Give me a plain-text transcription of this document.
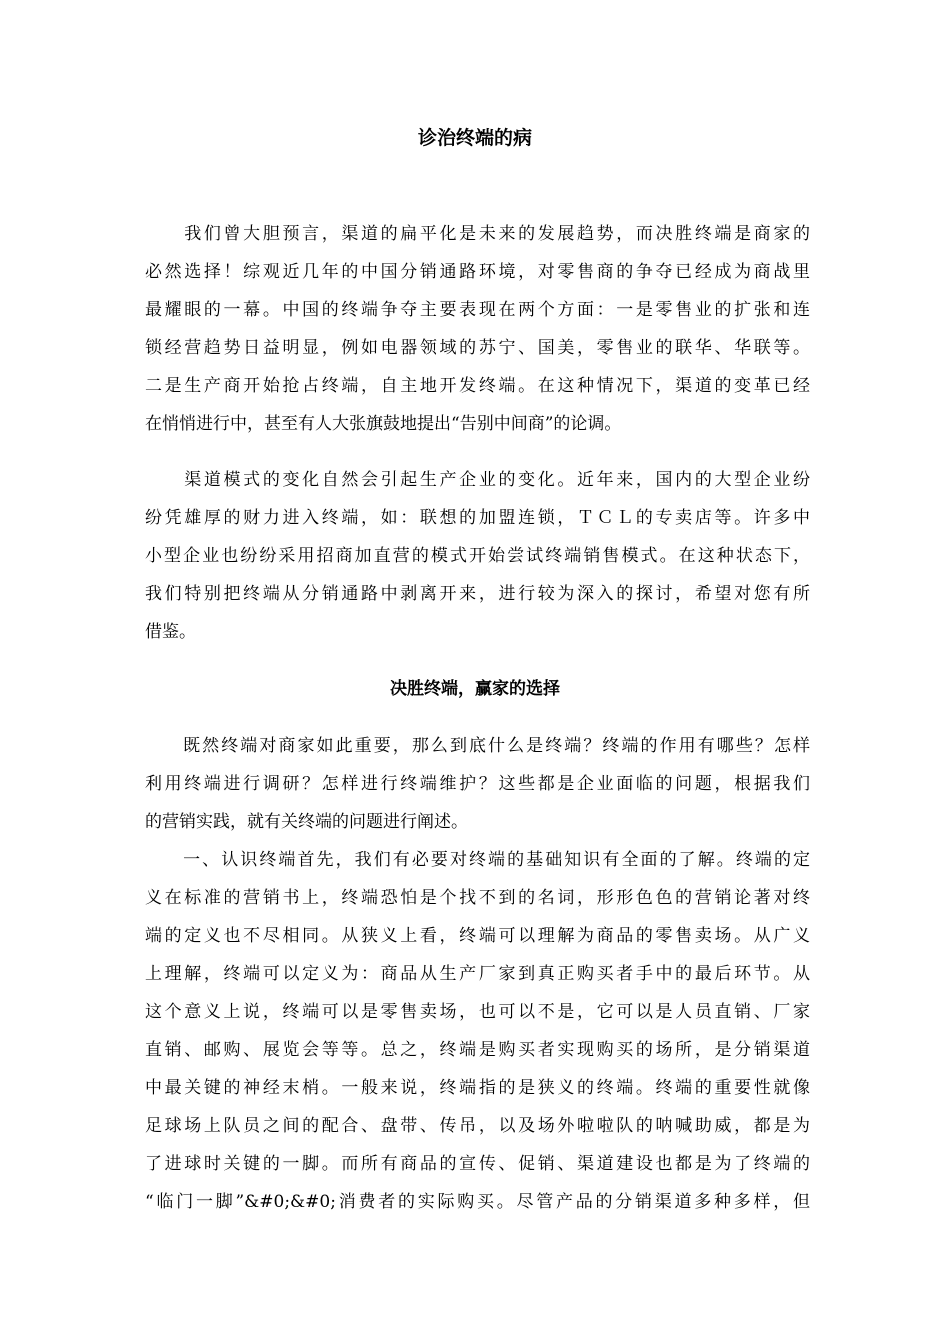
诊治终端的病

　　我们曾大胆预言，渠道的扁平化是未来的发展趋势，而决胜终端是商家的

必然选择！综观近几年的中国分销通路环境，对零售商的争夺已经成为商战里

最耀眼的一幕。中国的终端争夺主要表现在两个方面：一是零售业的扩张和连

锁经营趋势日益明显，例如电器领域的苏宁、国美，零售业的联华、华联等。

二是生产商开始抢占终端，自主地开发终端。在这种情况下，渠道的变革已经

在悄悄进行中，甚至有人大张旗鼓地提出“告别中间商”的论调。

　　渠道模式的变化自然会引起生产企业的变化。近年来，国内的大型企业纷

纷凭雄厚的财力进入终端，如：联想的加盟连锁，ＴＣＬ的专卖店等。许多中

小型企业也纷纷采用招商加直营的模式开始尝试终端销售模式。在这种状态下，

我们特别把终端从分销通路中剥离开来，进行较为深入的探讨，希望对您有所

借鉴。

决胜终端，赢家的选择

　　既然终端对商家如此重要，那么到底什么是终端？终端的作用有哪些？怎样

利用终端进行调研？怎样进行终端维护？这些都是企业面临的问题，根据我们

的营销实践，就有关终端的问题进行阐述。

　　一、认识终端首先，我们有必要对终端的基础知识有全面的了解。终端的定

义在标准的营销书上，终端恐怕是个找不到的名词，形形色色的营销论著对终

端的定义也不尽相同。从狭义上看，终端可以理解为商品的零售卖场。从广义

上理解，终端可以定义为：商品从生产厂家到真正购买者手中的最后环节。从

这个意义上说，终端可以是零售卖场，也可以不是，它可以是人员直销、厂家

直销、邮购、展览会等等。总之，终端是购买者实现购买的场所，是分销渠道

中最关键的神经末梢。一般来说，终端指的是狭义的终端。终端的重要性就像

足球场上队员之间的配合、盘带、传吊，以及场外啦啦队的呐喊助威，都是为

了进球时关键的一脚。而所有商品的宣传、促销、渠道建设也都是为了终端的

“临门一脚”&#0;&#0;消费者的实际购买。尽管产品的分销渠道多种多样，但
